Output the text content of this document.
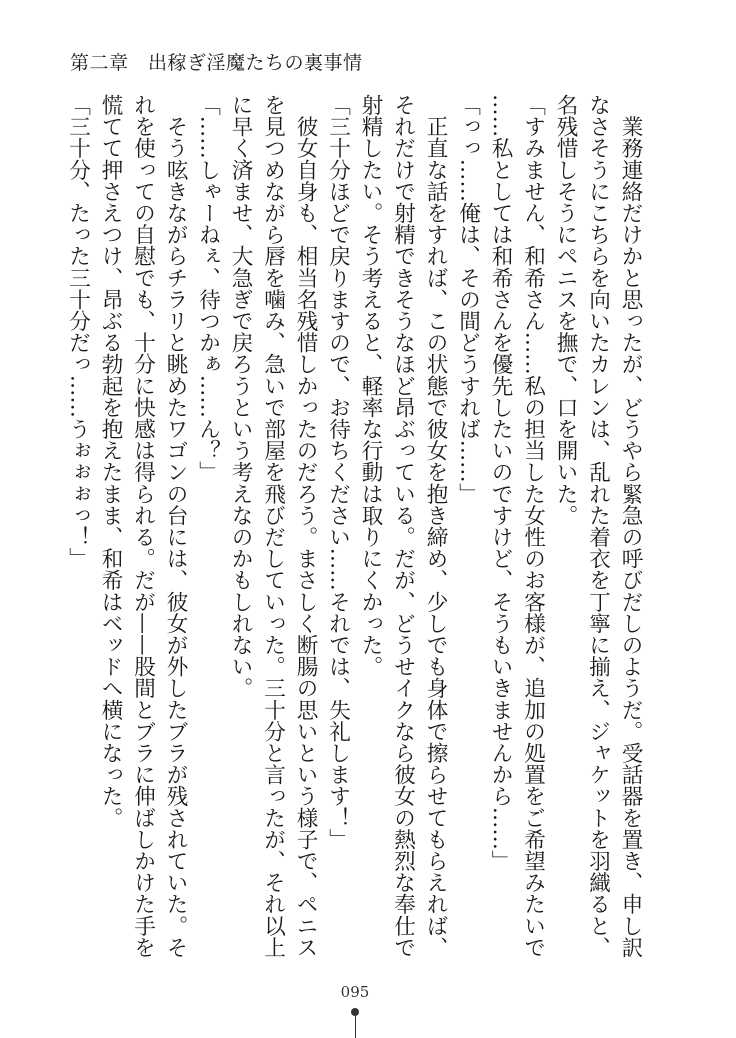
第二章　出稼ぎ淫魔たちの裏事情

　業務連絡だけかと思ったが、どうやら緊急の呼びだしのようだ。受話器を置き、申し訳

なさそうにこちらを向いたカレンは、乱れた着衣を丁寧に揃え、ジャケットを羽織ると、

名残惜しそうにペニスを撫で、口を開いた。

「すみません、和希さん……私の担当した女性のお客様が、追加の処置をご希望みたいで

……私としては和希さんを優先したいのですけど、そうもいきませんから……」

「っっ……俺は、その間どうすれば……」

　正直な話をすれば、この状態で彼女を抱き締め、少しでも身体で擦らせてもらえれば、

それだけで射精できそうなほど昂ぶっている。だが、どうせイクなら彼女の熱烈な奉仕で

射精したい。そう考えると、軽率な行動は取りにくかった。

「三十分ほどで戻りますので、お待ちください……それでは、失礼します！」

　彼女自身も、相当名残惜しかったのだろう。まさしく断腸の思いという様子で、ペニス

を見つめながら唇を噛み、急いで部屋を飛びだしていった。三十分と言ったが、それ以上

に早く済ませ、大急ぎで戻ろうという考えなのかもしれない。

「……しゃーねぇ、待つかぁ……ん？」

　そう呟きながらチラリと眺めたワゴンの台には、彼女が外したブラが残されていた。そ

れを使っての自慰でも、十分に快感は得られる。だが——股間とブラに伸ばしかけた手を

慌てて押さえつけ、昂ぶる勃起を抱えたまま、和希はベッドへ横になった。

「三十分、たった三十分だっ……うぉぉぉっ！」

095
